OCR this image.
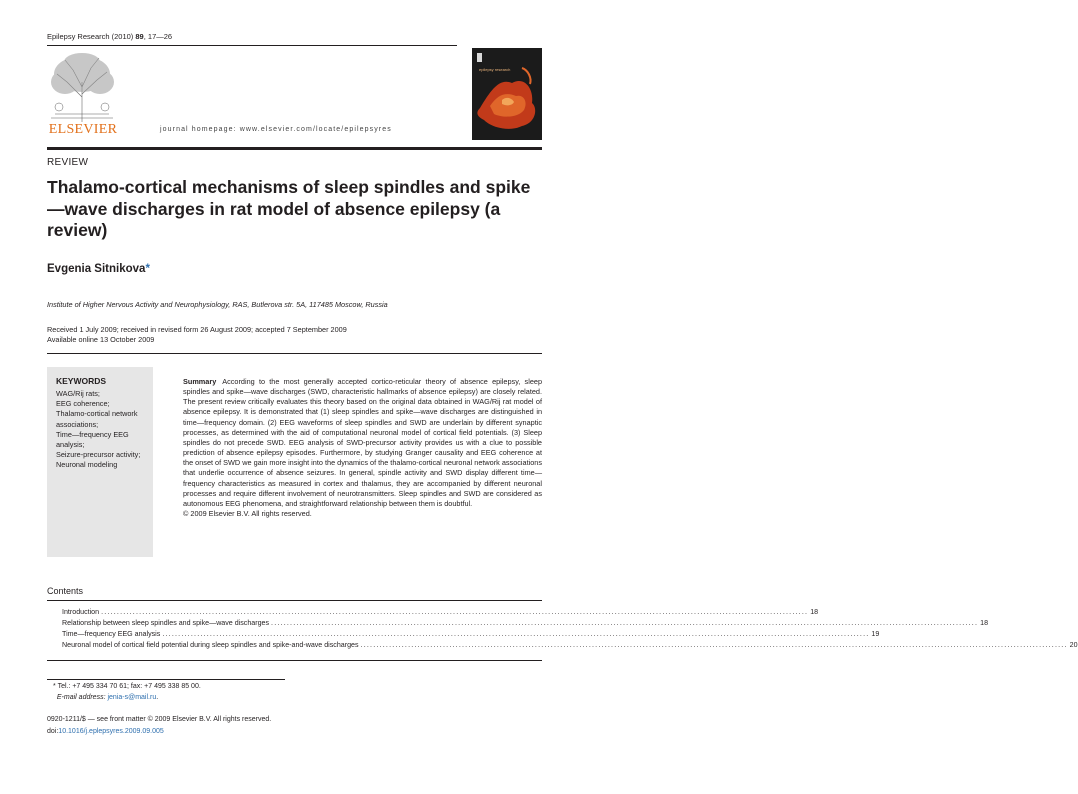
Epilepsy Research (2010) 89, 17—26
ELSEVIER	journal homepage: www.elsevier.com/locate/epilepsyres
epilepsy research
REVIEW
Thalamo-cortical mechanisms of sleep spindles and spike—wave discharges in rat model of absence epilepsy (a review)
Evgenia Sitnikova*
Institute of Higher Nervous Activity and Neurophysiology, RAS, Butlerova str. 5A, 117485 Moscow, Russia
Received 1 July 2009; received in revised form 26 August 2009; accepted 7 September 2009
Available online 13 October 2009
KEYWORDS
WAG/Rij rats;
EEG coherence;
Thalamo-cortical network associations;
Time—frequency EEG analysis;
Seizure-precursor activity;
Neuronal modeling
Summary According to the most generally accepted cortico-reticular theory of absence epilepsy, sleep spindles and spike—wave discharges (SWD, characteristic hallmarks of absence epilepsy) are closely related. The present review critically evaluates this theory based on the original data obtained in WAG/Rij rat model of absence epilepsy. It is demonstrated that (1) sleep spindles and spike—wave discharges are distinguished in time—frequency domain. (2) EEG waveforms of sleep spindles and SWD are underlain by different synaptic processes, as determined with the aid of computational neuronal model of cortical field potentials. (3) Sleep spindles do not precede SWD. EEG analysis of SWD-precursor activity provides us with a clue to possible prediction of absence epilepsy episodes. Furthermore, by studying Granger causality and EEG coherence at the onset of SWD we gain more insight into the dynamics of the thalamo-cortical neuronal network associations that underlie occurrence of absence seizures. In general, spindle activity and SWD display different time—frequency characteristics as measured in cortex and thalamus, they are accompanied by different neuronal processes and require different involvement of neurotransmitters. Sleep spindles and SWD are considered as autonomous EEG phenomena, and straightforward relationship between them is doubtful.
© 2009 Elsevier B.V. All rights reserved.
Contents
Introduction ............................................................................................................................................................................................................................... 18
Relationship between sleep spindles and spike—wave discharges ............................................................................................................................................................................................................................... 18
Time—frequency EEG analysis ............................................................................................................................................................................................................................... 19
Neuronal model of cortical field potential during sleep spindles and spike-and-wave discharges ............................................................................................................................................................................................................................... 20
* Tel.: +7 495 334 70 61; fax: +7 495 338 85 00.
E-mail address: jenia-s@mail.ru.
0920-1211/$ — see front matter © 2009 Elsevier B.V. All rights reserved.
doi:10.1016/j.eplepsyres.2009.09.005
